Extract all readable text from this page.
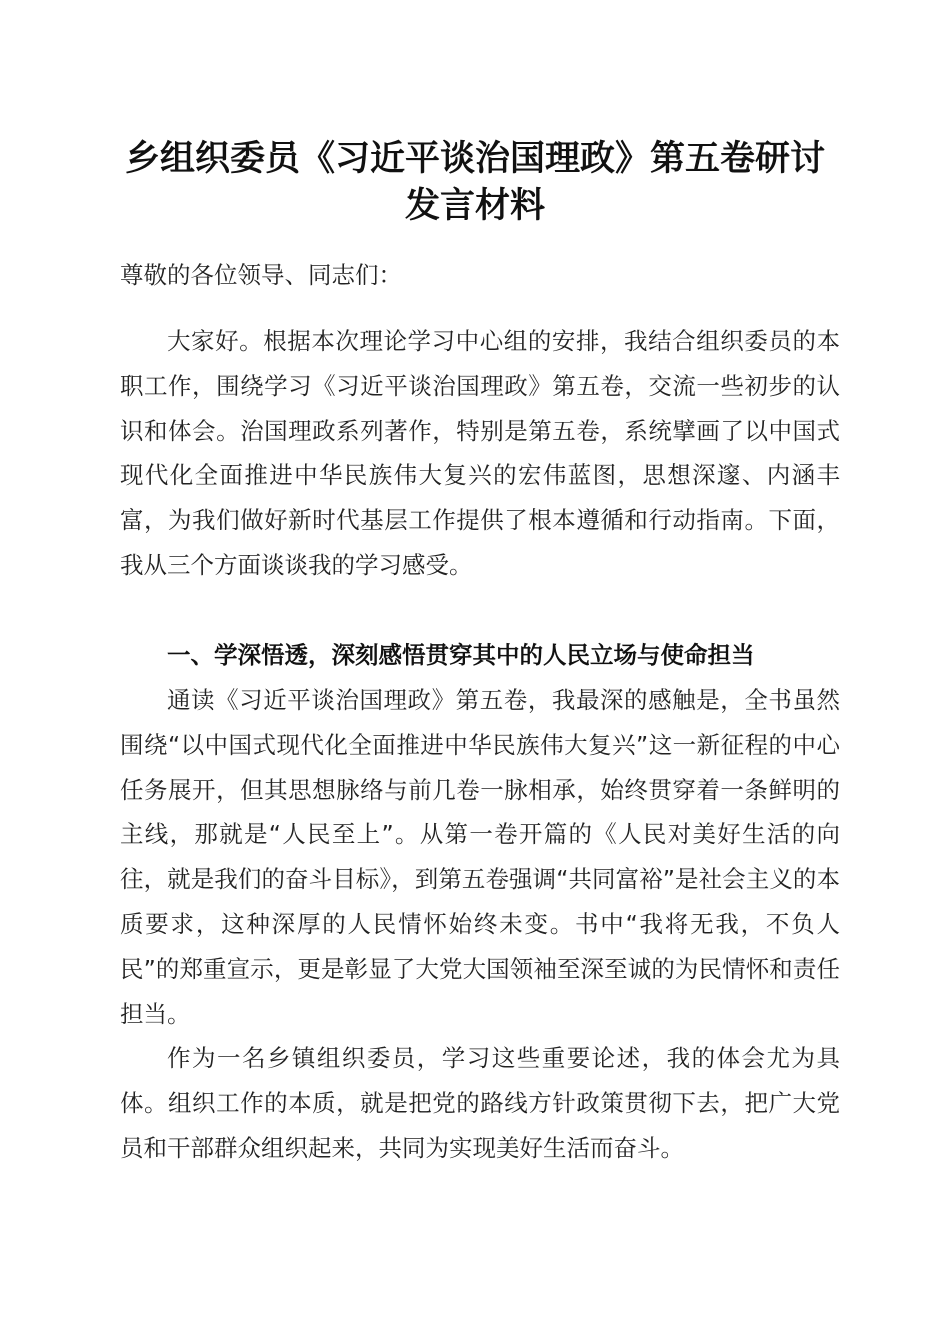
乡组织委员《习近平谈治国理政》第五卷研讨
发言材料

尊敬的各位领导、同志们：

大家好。根据本次理论学习中心组的安排，我结合组织委员的本职工作，围绕学习《习近平谈治国理政》第五卷，交流一些初步的认识和体会。治国理政系列著作，特别是第五卷，系统擘画了以中国式现代化全面推进中华民族伟大复兴的宏伟蓝图，思想深邃、内涵丰富，为我们做好新时代基层工作提供了根本遵循和行动指南。下面，我从三个方面谈谈我的学习感受。

一、学深悟透，深刻感悟贯穿其中的人民立场与使命担当

通读《习近平谈治国理政》第五卷，我最深的感触是，全书虽然围绕“以中国式现代化全面推进中华民族伟大复兴”这一新征程的中心任务展开，但其思想脉络与前几卷一脉相承，始终贯穿着一条鲜明的主线，那就是“人民至上”。从第一卷开篇的《人民对美好生活的向往，就是我们的奋斗目标》，到第五卷强调“共同富裕”是社会主义的本质要求，这种深厚的人民情怀始终未变。书中“我将无我，不负人民”的郑重宣示，更是彰显了大党大国领袖至深至诚的为民情怀和责任担当。

作为一名乡镇组织委员，学习这些重要论述，我的体会尤为具体。组织工作的本质，就是把党的路线方针政策贯彻下去，把广大党员和干部群众组织起来，共同为实现美好生活而奋斗。
